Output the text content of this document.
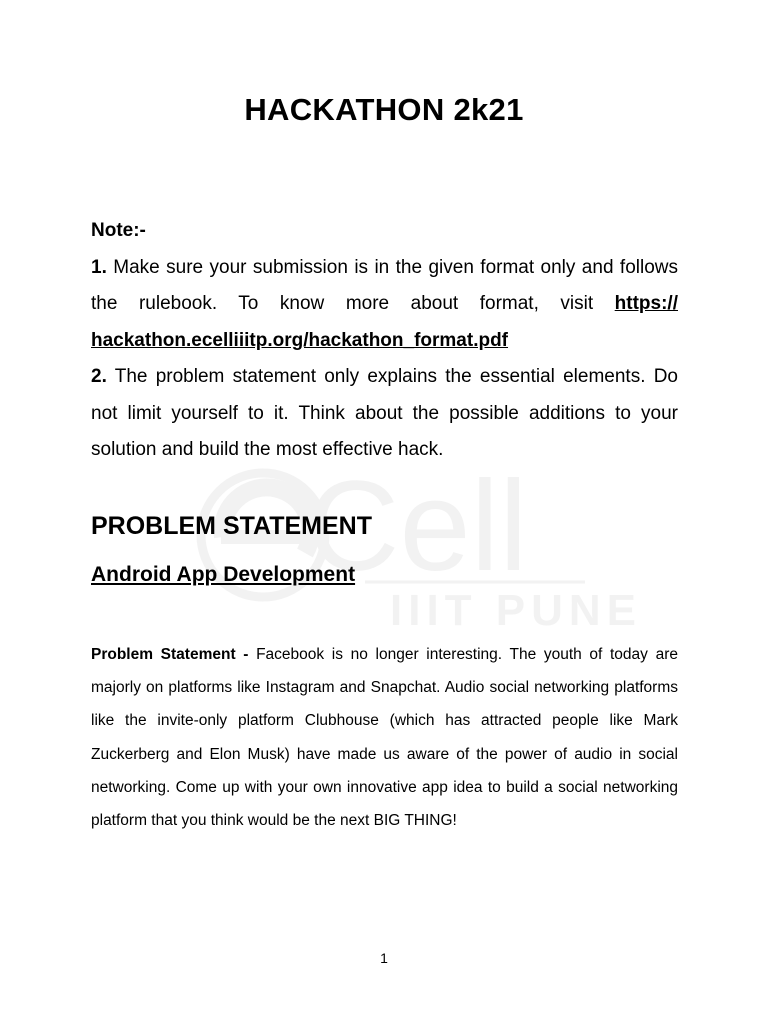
Cell
IIIT PUNE
HACKATHON 2k21
Note:-
1. Make sure your submission is in the given format only and follows the rulebook. To know more about format, visit https:// hackathon.ecelliiitp.org/hackathon_format.pdf
2. The problem statement only explains the essential elements. Do not limit yourself to it. Think about the possible additions to your solution and build the most effective hack.
PROBLEM STATEMENT
Android App Development
Problem Statement - Facebook is no longer interesting. The youth of today are majorly on platforms like Instagram and Snapchat. Audio social networking platforms like the invite-only platform Clubhouse (which has attracted people like Mark Zuckerberg and Elon Musk) have made us aware of the power of audio in social networking. Come up with your own innovative app idea to build a social networking platform that you think would be the next BIG THING!
1
